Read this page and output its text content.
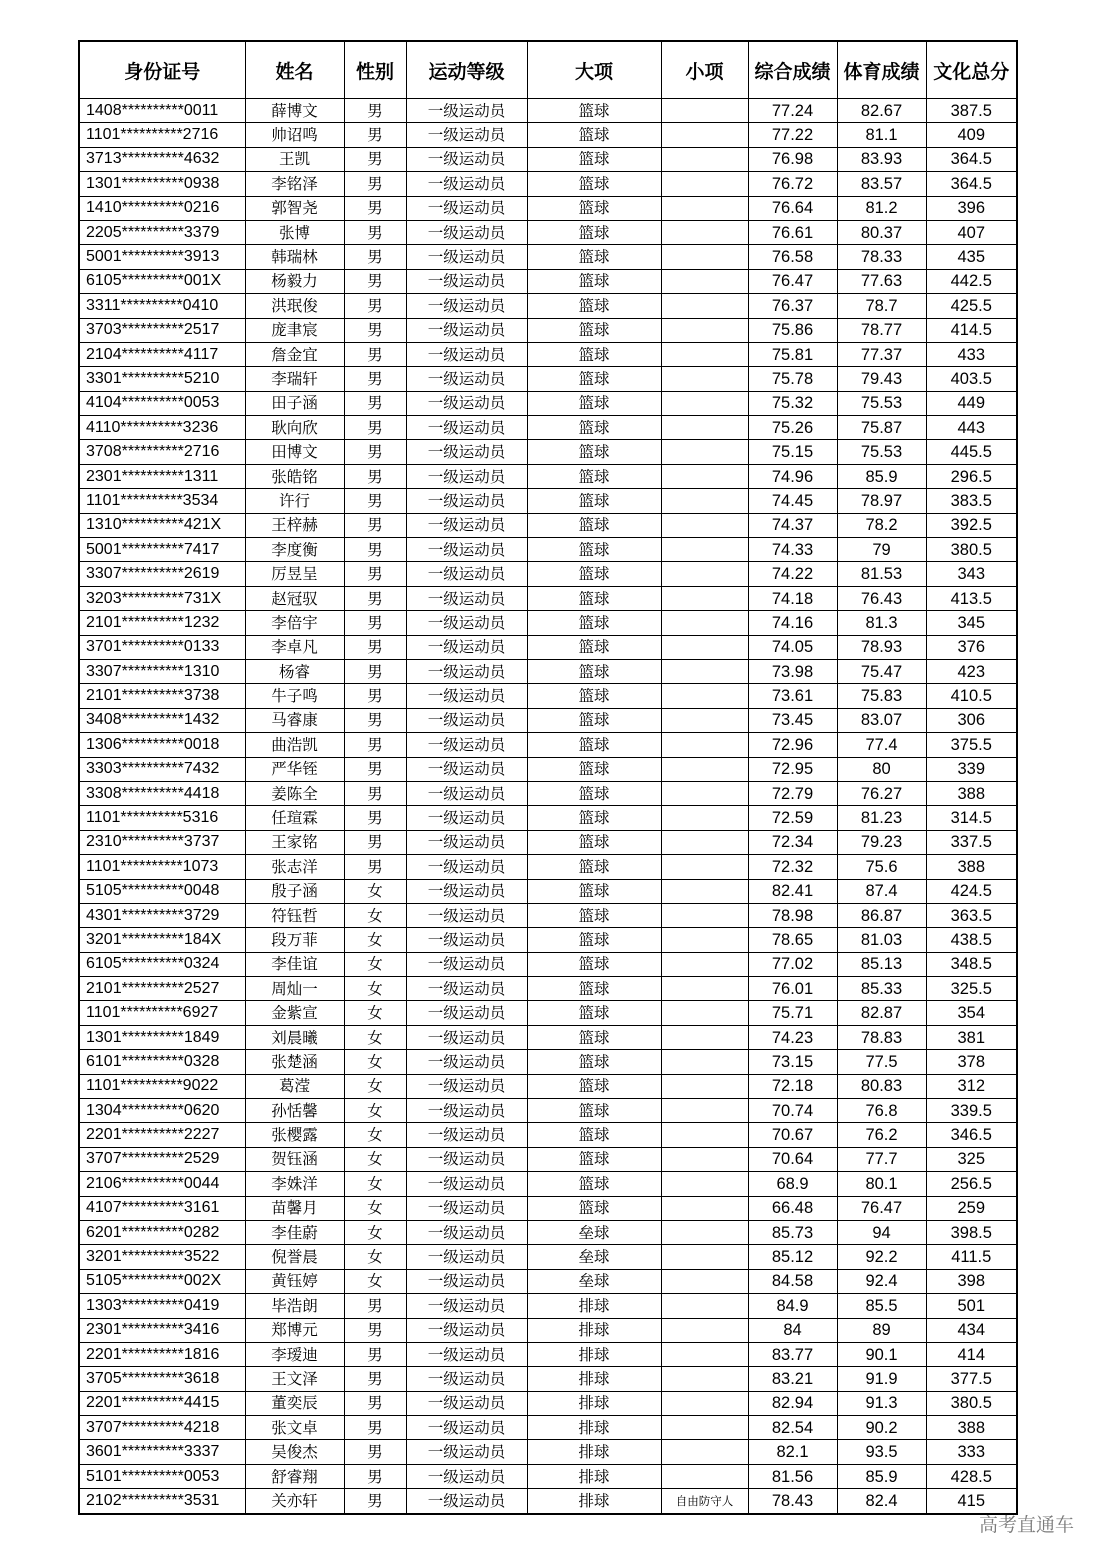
身份证号	姓名	性别	运动等级	大项	小项	综合成绩	体育成绩	文化总分
1408**********0011	薛博文	男	一级运动员	篮球		77.24	82.67	387.5
1101**********2716	帅诏鸣	男	一级运动员	篮球		77.22	81.1	409
3713**********4632	王凯	男	一级运动员	篮球		76.98	83.93	364.5
1301**********0938	李铭泽	男	一级运动员	篮球		76.72	83.57	364.5
1410**********0216	郭智尧	男	一级运动员	篮球		76.64	81.2	396
2205**********3379	张博	男	一级运动员	篮球		76.61	80.37	407
5001**********3913	韩瑞林	男	一级运动员	篮球		76.58	78.33	435
6105**********001X	杨毅力	男	一级运动员	篮球		76.47	77.63	442.5
3311**********0410	洪珉俊	男	一级运动员	篮球		76.37	78.7	425.5
3703**********2517	庞聿宸	男	一级运动员	篮球		75.86	78.77	414.5
2104**********4117	詹金宜	男	一级运动员	篮球		75.81	77.37	433
3301**********5210	李瑞轩	男	一级运动员	篮球		75.78	79.43	403.5
4104**********0053	田子涵	男	一级运动员	篮球		75.32	75.53	449
4110**********3236	耿向欣	男	一级运动员	篮球		75.26	75.87	443
3708**********2716	田博文	男	一级运动员	篮球		75.15	75.53	445.5
2301**********1311	张皓铭	男	一级运动员	篮球		74.96	85.9	296.5
1101**********3534	许行	男	一级运动员	篮球		74.45	78.97	383.5
1310**********421X	王梓赫	男	一级运动员	篮球		74.37	78.2	392.5
5001**********7417	李度衡	男	一级运动员	篮球		74.33	79	380.5
3307**********2619	厉昱呈	男	一级运动员	篮球		74.22	81.53	343
3203**********731X	赵冠驭	男	一级运动员	篮球		74.18	76.43	413.5
2101**********1232	李倍宇	男	一级运动员	篮球		74.16	81.3	345
3701**********0133	李卓凡	男	一级运动员	篮球		74.05	78.93	376
3307**********1310	杨睿	男	一级运动员	篮球		73.98	75.47	423
2101**********3738	牛子鸣	男	一级运动员	篮球		73.61	75.83	410.5
3408**********1432	马睿康	男	一级运动员	篮球		73.45	83.07	306
1306**********0018	曲浩凯	男	一级运动员	篮球		72.96	77.4	375.5
3303**********7432	严华铚	男	一级运动员	篮球		72.95	80	339
3308**********4418	姜陈全	男	一级运动员	篮球		72.79	76.27	388
1101**********5316	任瑄霖	男	一级运动员	篮球		72.59	81.23	314.5
2310**********3737	王家铭	男	一级运动员	篮球		72.34	79.23	337.5
1101**********1073	张志洋	男	一级运动员	篮球		72.32	75.6	388
5105**********0048	殷子涵	女	一级运动员	篮球		82.41	87.4	424.5
4301**********3729	符钰哲	女	一级运动员	篮球		78.98	86.87	363.5
3201**********184X	段万菲	女	一级运动员	篮球		78.65	81.03	438.5
6105**********0324	李佳谊	女	一级运动员	篮球		77.02	85.13	348.5
2101**********2527	周灿一	女	一级运动员	篮球		76.01	85.33	325.5
1101**********6927	金紫宣	女	一级运动员	篮球		75.71	82.87	354
1301**********1849	刘晨曦	女	一级运动员	篮球		74.23	78.83	381
6101**********0328	张楚涵	女	一级运动员	篮球		73.15	77.5	378
1101**********9022	葛滢	女	一级运动员	篮球		72.18	80.83	312
1304**********0620	孙恬馨	女	一级运动员	篮球		70.74	76.8	339.5
2201**********2227	张樱露	女	一级运动员	篮球		70.67	76.2	346.5
3707**********2529	贺钰涵	女	一级运动员	篮球		70.64	77.7	325
2106**********0044	李姝洋	女	一级运动员	篮球		68.9	80.1	256.5
4107**********3161	苗馨月	女	一级运动员	篮球		66.48	76.47	259
6201**********0282	李佳蔚	女	一级运动员	垒球		85.73	94	398.5
3201**********3522	倪誉晨	女	一级运动员	垒球		85.12	92.2	411.5
5105**********002X	黄钰婷	女	一级运动员	垒球		84.58	92.4	398
1303**********0419	毕浩朗	男	一级运动员	排球		84.9	85.5	501
2301**********3416	郑博元	男	一级运动员	排球		84	89	434
2201**********1816	李瑷迪	男	一级运动员	排球		83.77	90.1	414
3705**********3618	王文泽	男	一级运动员	排球		83.21	91.9	377.5
2201**********4415	董奕辰	男	一级运动员	排球		82.94	91.3	380.5
3707**********4218	张文卓	男	一级运动员	排球		82.54	90.2	388
3601**********3337	吴俊杰	男	一级运动员	排球		82.1	93.5	333
5101**********0053	舒睿翔	男	一级运动员	排球		81.56	85.9	428.5
2102**********3531	关亦轩	男	一级运动员	排球	自由防守人	78.43	82.4	415
高考直通车
